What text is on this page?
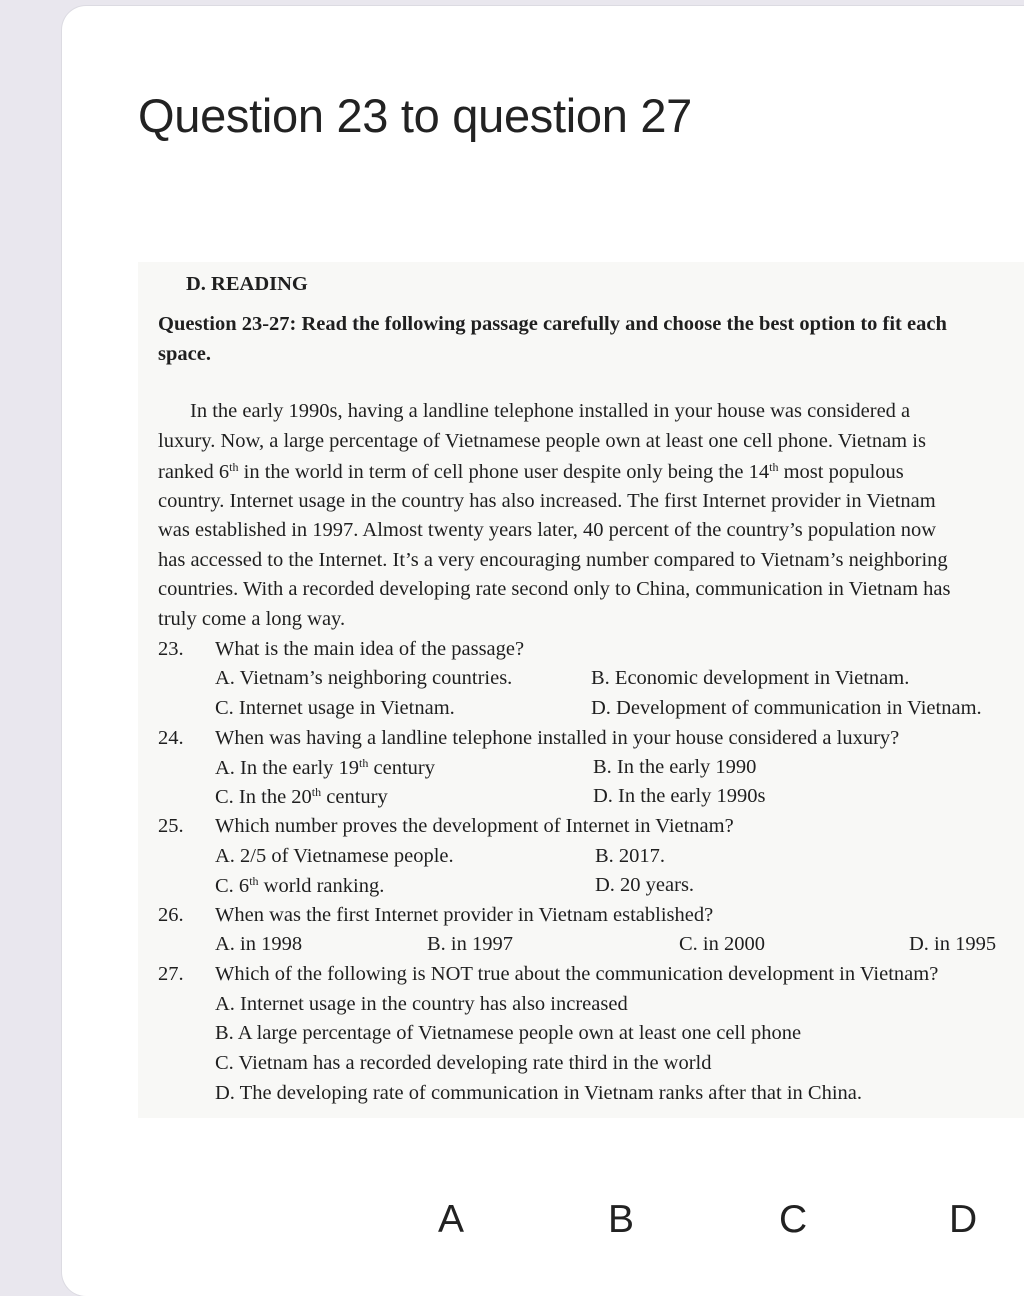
Question 23 to question 27
D. READING
Question 23-27: Read the following passage carefully and choose the best option to fit each
space.
In the early 1990s, having a landline telephone installed in your house was considered a
luxury. Now, a large percentage of Vietnamese people own at least one cell phone. Vietnam is
ranked 6th in the world in term of cell phone user despite only being the 14th most populous
country. Internet usage in the country has also increased. The first Internet provider in Vietnam
was established in 1997. Almost twenty years later, 40 percent of the country’s population now
has accessed to the Internet. It’s a very encouraging number compared to Vietnam’s neighboring
countries. With a recorded developing rate second only to China, communication in Vietnam has
truly come a long way.
23. What is the main idea of the passage?
A. Vietnam’s neighboring countries.	B. Economic development in Vietnam.
C. Internet usage in Vietnam.	D. Development of communication in Vietnam.
24. When was having a landline telephone installed in your house considered a luxury?
A. In the early 19th century	B. In the early 1990
C. In the 20th century	D. In the early 1990s
25. Which number proves the development of Internet in Vietnam?
A. 2/5 of Vietnamese people.	B. 2017.
C. 6th world ranking.	D. 20 years.
26. When was the first Internet provider in Vietnam established?
A. in 1998	B. in 1997	C. in 2000	D. in 1995
27. Which of the following is NOT true about the communication development in Vietnam?
A. Internet usage in the country has also increased
B. A large percentage of Vietnamese people own at least one cell phone
C. Vietnam has a recorded developing rate third in the world
D. The developing rate of communication in Vietnam ranks after that in China.
A	B	C	D
